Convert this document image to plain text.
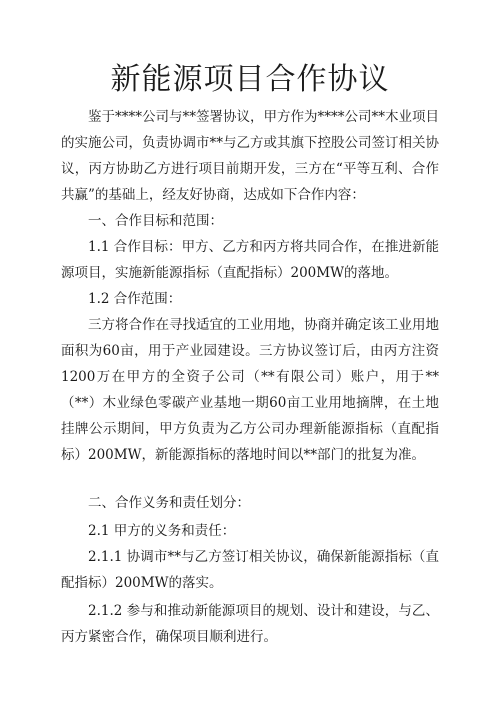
新能源项目合作协议
鉴于****公司与**签署协议，甲方作为****公司**木业项目的实施公司，负责协调市**与乙方或其旗下控股公司签订相关协议，丙方协助乙方进行项目前期开发，三方在“平等互利、合作共赢”的基础上，经友好协商，达成如下合作内容：
一、合作目标和范围：
1.1 合作目标：甲方、乙方和丙方将共同合作，在推进新能源项目，实施新能源指标（直配指标）200MW的落地。
1.2 合作范围：
三方将合作在寻找适宜的工业用地，协商并确定该工业用地面积为60亩，用于产业园建设。三方协议签订后，由丙方注资1200万在甲方的全资子公司（**有限公司）账户，用于**（**）木业绿色零碳产业基地一期60亩工业用地摘牌，在土地挂牌公示期间，甲方负责为乙方公司办理新能源指标（直配指标）200MW，新能源指标的落地时间以**部门的批复为准。
二、合作义务和责任划分：
2.1 甲方的义务和责任：
2.1.1 协调市**与乙方签订相关协议，确保新能源指标（直配指标）200MW的落实。
2.1.2 参与和推动新能源项目的规划、设计和建设，与乙、丙方紧密合作，确保项目顺利进行。
